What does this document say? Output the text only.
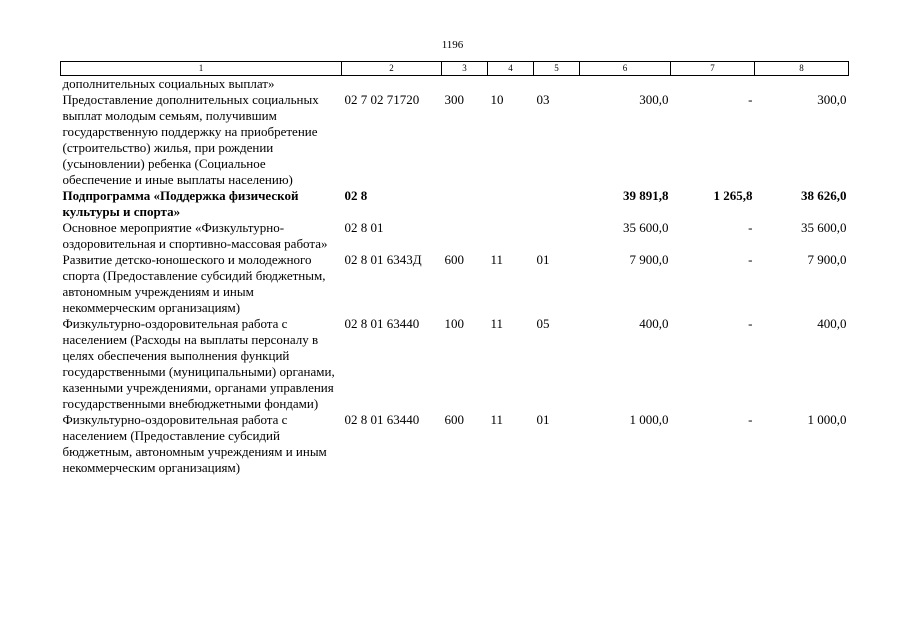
1196
1	2	3	4	5	6	7	8
дополнительных социальных выплат»							
Предоставление дополнительных социальных выплат молодым семьям, получившим государственную поддержку на приобретение (строительство) жилья, при рождении (усыновлении) ребенка (Социальное обеспечение и иные выплаты населению)	02 7 02 71720	300	10	03	300,0	-	300,0
Подпрограмма «Поддержка физической культуры и спорта»	02 8				39 891,8	1 265,8	38 626,0
Основное мероприятие «Физкультурно-оздоровительная и спортивно-массовая работа»	02 8 01				35 600,0	-	35 600,0
Развитие детско-юношеского и молодежного спорта (Предоставление субсидий бюджетным, автономным учреждениям и иным некоммерческим организациям)	02 8 01 6343Д	600	11	01	7 900,0	-	7 900,0
Физкультурно-оздоровительная работа с населением (Расходы на выплаты персоналу в целях обеспечения выполнения функций государственными (муниципальными) органами, казенными учреждениями, органами управления государственными внебюджетными фондами)	02 8 01 63440	100	11	05	400,0	-	400,0
Физкультурно-оздоровительная работа с населением (Предоставление субсидий бюджетным, автономным учреждениям и иным некоммерческим организациям)	02 8 01 63440	600	11	01	1 000,0	-	1 000,0
